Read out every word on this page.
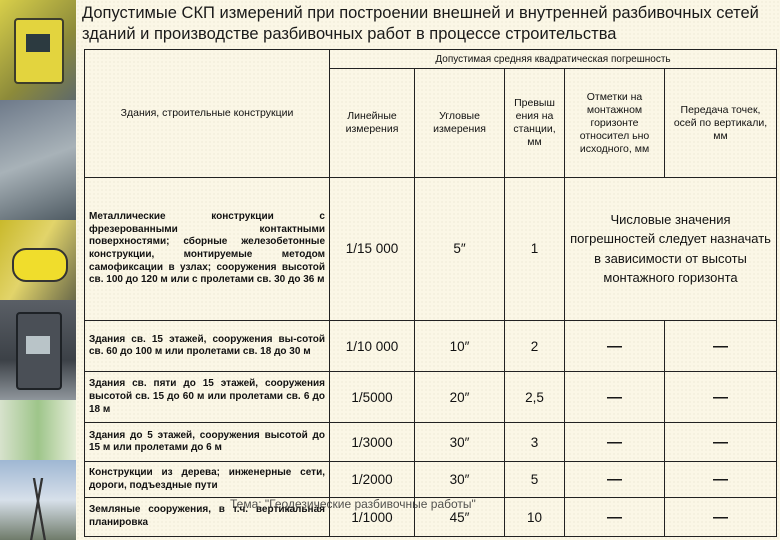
Допустимые СКП измерений при построении внешней и внутренней разбивочных сетей зданий и производстве разбивочных работ в процессе строительства
Здания, строительные конструкции	Допустимая средняя квадратическая погрешность				
	Линейные измерения	Угловые измерения	Превыш ения на станции, мм	Отметки на монтажном горизонте относител ьно исходного, мм	Передача точек, осей по вертикали, мм
Металлические конструкции с фрезерованными контактными поверхностями; сборные железобетонные конструкции, монтируемые методом самофиксации в узлах; сооружения высотой св. 100 до 120 м или с пролетами св. 30 до 36 м	1/15 000	5″	1	Числовые значения погрешностей следует назначать в зависимости от высоты монтажного горизонта	
Здания св. 15 этажей, сооружения вы-сотой св. 60 до 100 м или пролетами св. 18 до 30 м	1/10 000	10″	2	—	—
Здания св. пяти до 15 этажей, сооружения высотой св. 15 до 60 м или пролетами св. 6 до 18 м	1/5000	20″	2,5	—	—
Здания до 5 этажей, сооружения высотой до 15 м или пролетами до 6 м	1/3000	30″	3	—	—
Конструкции из дерева; инженерные сети, дороги, подъездные пути	1/2000	30″	5	—	—
Земляные сооружения, в т.ч. вертикальная планировка	1/1000	45″	10	—	—
Тема: "Геодезические разбивочные работы"
